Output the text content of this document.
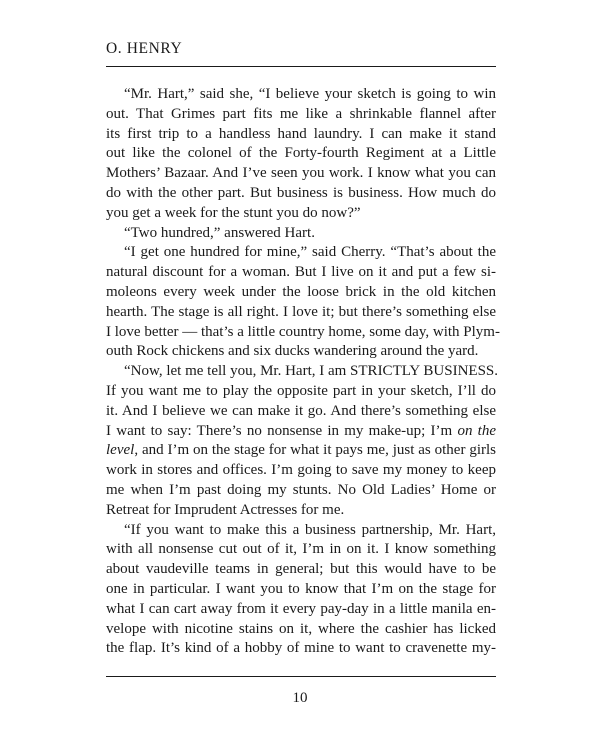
O. HENRY
“Mr. Hart,” said she, “I believe your sketch is going to win
out. That Grimes part fits me like a shrinkable flannel after
its first trip to a handless hand laundry. I can make it stand
out like the colonel of the Forty-fourth Regiment at a Little
Mothers’ Bazaar. And I’ve seen you work. I know what you can
do with the other part. But business is business. How much do
you get a week for the stunt you do now?”
“Two hundred,” answered Hart.
“I get one hundred for mine,” said Cherry. “That’s about the
natural discount for a woman. But I live on it and put a few si-
moleons every week under the loose brick in the old kitchen
hearth. The stage is all right. I love it; but there’s something else
I love better — that’s a little country home, some day, with Plym-
outh Rock chickens and six ducks wandering around the yard.
“Now, let me tell you, Mr. Hart, I am STRICTLY BUSINESS.
If you want me to play the opposite part in your sketch, I’ll do
it. And I believe we can make it go. And there’s something else
I want to say: There’s no nonsense in my make-up; I’m on the
level, and I’m on the stage for what it pays me, just as other girls
work in stores and offices. I’m going to save my money to keep
me when I’m past doing my stunts. No Old Ladies’ Home or
Retreat for Imprudent Actresses for me.
“If you want to make this a business partnership, Mr. Hart,
with all nonsense cut out of it, I’m in on it. I know something
about vaudeville teams in general; but this would have to be
one in particular. I want you to know that I’m on the stage for
what I can cart away from it every pay-day in a little manila en-
velope with nicotine stains on it, where the cashier has licked
the flap. It’s kind of a hobby of mine to want to cravenette my-
10
